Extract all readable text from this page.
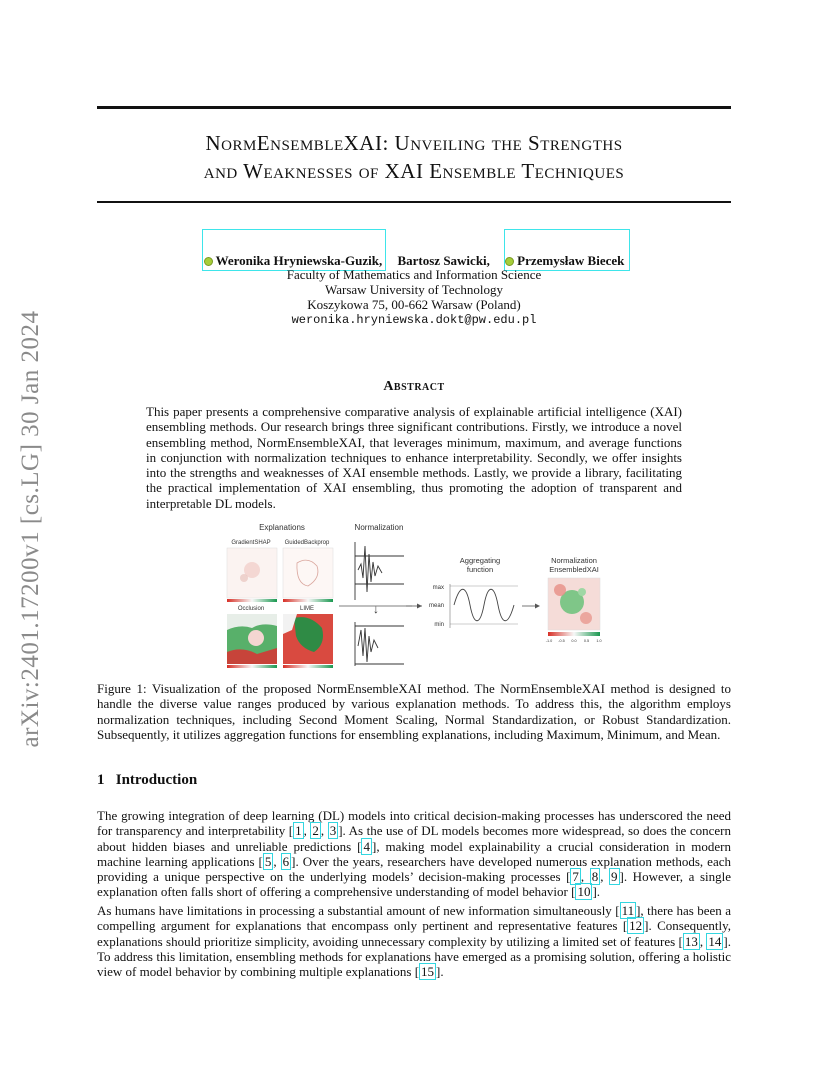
arXiv:2401.17200v1 [cs.LG] 30 Jan 2024
NormEnsembleXAI: Unveiling the Strengths
and Weaknesses of XAI Ensemble Techniques
Weronika Hryniewska-Guzik, Bartosz Sawicki, Przemysław Biecek
Faculty of Mathematics and Information Science
Warsaw University of Technology
Koszykowa 75, 00-662 Warsaw (Poland)
weronika.hryniewska.dokt@pw.edu.pl
Abstract
This paper presents a comprehensive comparative analysis of explainable artificial intelligence (XAI) ensembling methods. Our research brings three significant contributions. Firstly, we introduce a novel ensembling method, NormEnsembleXAI, that leverages minimum, maximum, and average functions in conjunction with normalization techniques to enhance interpretability. Secondly, we offer insights into the strengths and weaknesses of XAI ensemble methods. Lastly, we provide a library, facilitating the practical implementation of XAI ensembling, thus promoting the adoption of transparent and interpretable DL models.
Explanations	Normalization
GradientSHAP GuidedBackprop
Occlusion	LIME	↓
Aggregating
function
max
mean
min
Normalization
EnsembledXAI
-1.0 -0.5 0.0 0.5 1.0
Figure 1: Visualization of the proposed NormEnsembleXAI method. The NormEnsembleXAI method is designed to handle the diverse value ranges produced by various explanation methods. To address this, the algorithm employs normalization techniques, including Second Moment Scaling, Normal Standardization, or Robust Standardization. Subsequently, it utilizes aggregation functions for ensembling explanations, including Maximum, Minimum, and Mean.
1 Introduction
The growing integration of deep learning (DL) models into critical decision-making processes has underscored the need for transparency and interpretability [ 1 , 2 , 3 ]. As the use of DL models becomes more widespread, so does the concern about hidden biases and unreliable predictions [ 4 ], making model explainability a crucial consideration in modern machine learning applications [ 5 , 6 ]. Over the years, researchers have developed numerous explanation methods, each providing a unique perspective on the underlying models’ decision-making processes [ 7 , 8 , 9 ]. However, a single explanation often falls short of offering a comprehensive understanding of model behavior [ 10 ].
As humans have limitations in processing a substantial amount of new information simultaneously [ 11 ], there has been a compelling argument for explanations that encompass only pertinent and representative features [ 12 ]. Consequently, explanations should prioritize simplicity, avoiding unnecessary complexity by utilizing a limited set of features [ 13 , 14 ]. To address this limitation, ensembling methods for explanations have emerged as a promising solution, offering a holistic view of model behavior by combining multiple explanations [ 15 ].
